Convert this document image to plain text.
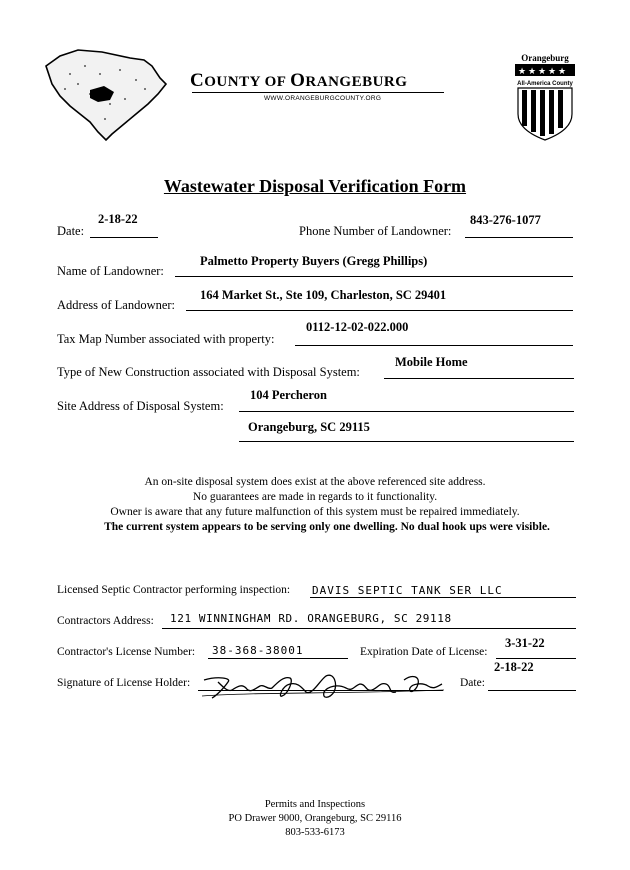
COUNTY OF ORANGEBURG
WWW.ORANGEBURGCOUNTY.ORG
Orangeburg
★ ★ ★ ★ ★
All-America County
Wastewater Disposal Verification Form
Date:
2-18-22
Phone Number of Landowner:
843-276-1077
Name of Landowner:
Palmetto Property Buyers (Gregg Phillips)
Address of Landowner:
164 Market St., Ste 109, Charleston, SC 29401
Tax Map Number associated with property:
0112-12-02-022.000
Type of New Construction associated with Disposal System:
Mobile Home
Site Address of Disposal System:
104 Percheron
Orangeburg, SC 29115
An on-site disposal system does exist at the above referenced site address.
No guarantees are made in regards to it functionality.
Owner is aware that any future malfunction of this system must be repaired immediately.
The current system appears to be serving only one dwelling. No dual hook ups were visible.
Licensed Septic Contractor performing inspection: DAVIS SEPTIC TANK SER LLC
Contractors Address: 121 WINNINGHAM RD. ORANGEBURG, SC 29118
Contractor's License Number: 38-368-38001	Expiration Date of License:
3-31-22
Signature of License Holder:	Date:
2-18-22
Permits and Inspections
PO Drawer 9000, Orangeburg, SC 29116
803-533-6173
